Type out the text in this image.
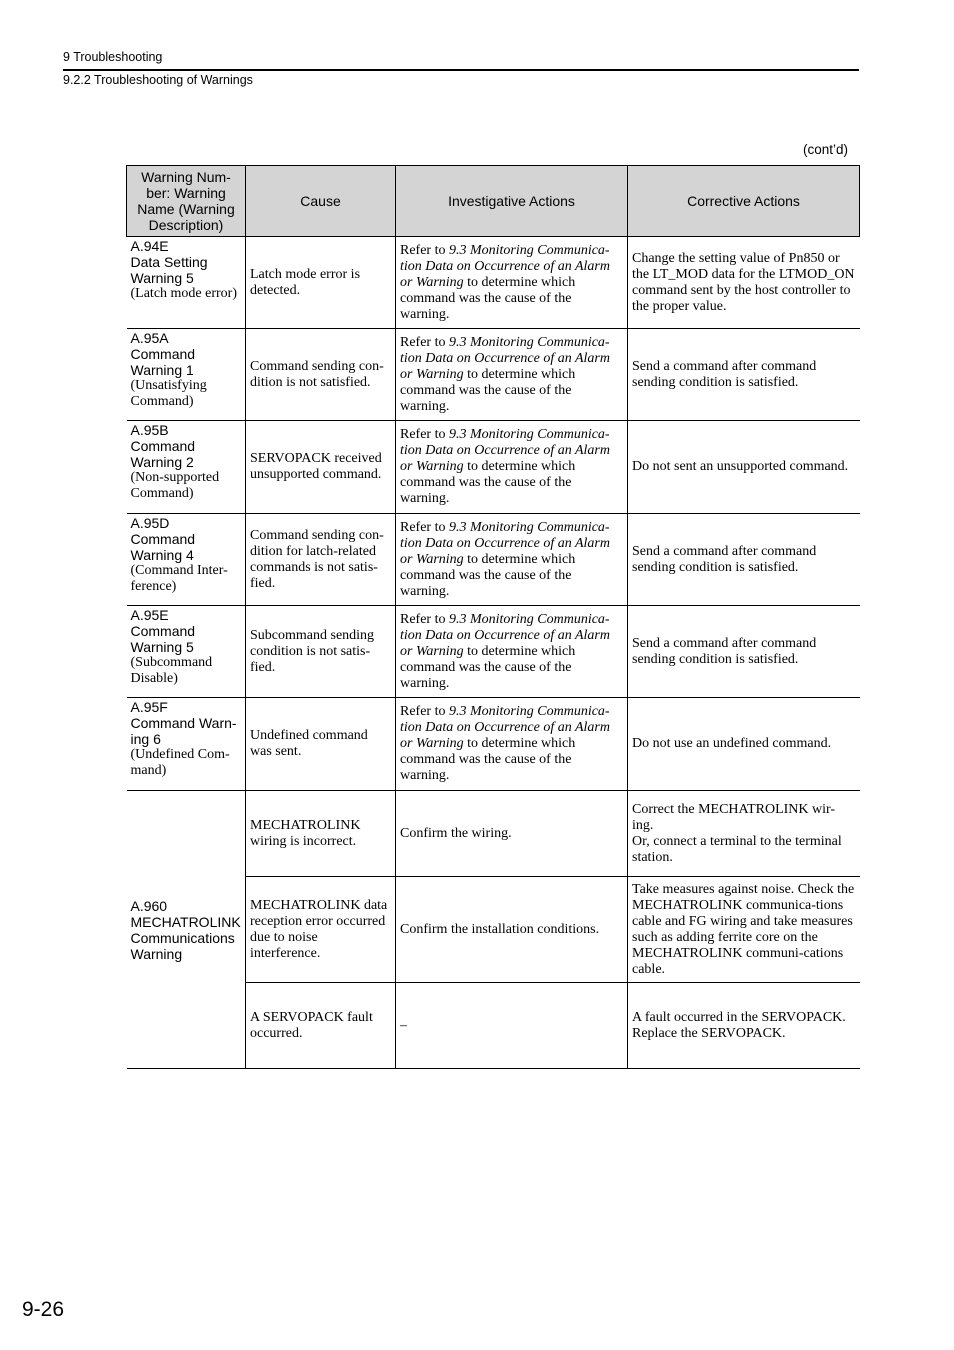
9 Troubleshooting
9.2.2 Troubleshooting of Warnings
(cont’d)
Warning Num-ber: Warning Name (Warning Description)	Cause	Investigative Actions	Corrective Actions

A.94E
Data Setting Warning 5
(Latch mode error)	Latch mode error is detected.	Refer to 9.3 Monitoring Communica-tion Data on Occurrence of an Alarm or Warning to determine which command was the cause of the warning.	Change the setting value of Pn850 or the LT_MOD data for the LTMOD_ON command sent by the host controller to the proper value.

A.95A
Command Warning 1
(Unsatisfying Command)	Command sending con-dition is not satisfied.	Refer to 9.3 Monitoring Communica-tion Data on Occurrence of an Alarm or Warning to determine which command was the cause of the warning.	Send a command after command sending condition is satisfied.

A.95B
Command Warning 2
(Non-supported Command)	SERVOPACK received unsupported command.	Refer to 9.3 Monitoring Communica-tion Data on Occurrence of an Alarm or Warning to determine which command was the cause of the warning.	Do not sent an unsupported command.

A.95D
Command Warning 4
(Command Inter-ference)	Command sending con-dition for latch-related commands is not satis-fied.	Refer to 9.3 Monitoring Communica-tion Data on Occurrence of an Alarm or Warning to determine which command was the cause of the warning.	Send a command after command sending condition is satisfied.

A.95E
Command Warning 5
(Subcommand Disable)	Subcommand sending condition is not satis-fied.	Refer to 9.3 Monitoring Communica-tion Data on Occurrence of an Alarm or Warning to determine which command was the cause of the warning.	Send a command after command sending condition is satisfied.

A.95F
Command Warn-ing 6
(Undefined Com-mand)	Undefined command was sent.	Refer to 9.3 Monitoring Communica-tion Data on Occurrence of an Alarm or Warning to determine which command was the cause of the warning.	Do not use an undefined command.

A.960
MECHATROLINK Communications Warning	MECHATROLINK wiring is incorrect.	Confirm the wiring.	Correct the MECHATROLINK wir-ing.
Or, connect a terminal to the terminal station.

	MECHATROLINK data reception error occurred due to noise interference.	Confirm the installation conditions.	Take measures against noise. Check the MECHATROLINK communica-tions cable and FG wiring and take measures such as adding ferrite core on the MECHATROLINK communi-cations cable.
	A SERVOPACK fault occurred.	–	A fault occurred in the SERVOPACK. Replace the SERVOPACK.
9-26
